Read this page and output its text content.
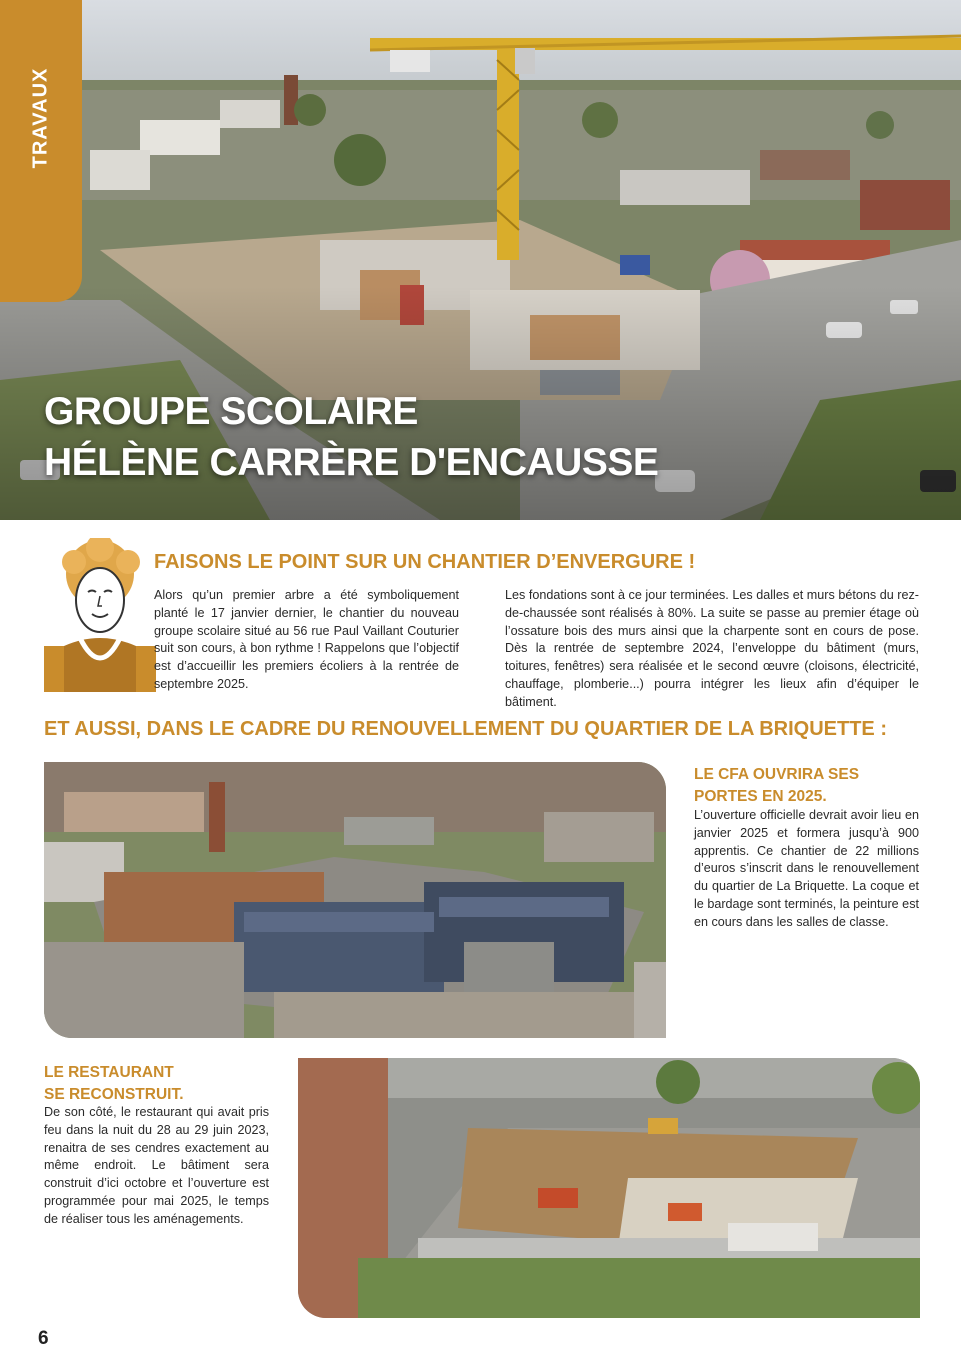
TRAVAUX
GROUPE SCOLAIRE
HÉLÈNE CARRÈRE D'ENCAUSSE
FAISONS LE POINT SUR UN CHANTIER D’ENVERGURE !
Alors qu’un premier arbre a été symboliquement planté le 17 janvier dernier, le chantier du nouveau groupe scolaire situé au 56 rue Paul Vaillant Couturier suit son cours, à bon rythme ! Rappelons que l’objectif est d’accueillir les premiers écoliers à la rentrée de septembre 2025.
Les fondations sont à ce jour terminées. Les dalles et murs bétons du rez-de-chaussée sont réalisés à 80%. La suite se passe au premier étage où l’ossature bois des murs ainsi que la charpente sont en cours de pose. Dès la rentrée de septembre 2024, l’enveloppe du bâtiment (murs, toitures, fenêtres) sera réalisée et le second œuvre (cloisons, électricité, chauffage, plomberie...) pourra intégrer les lieux afin d’équiper le bâtiment.
ET AUSSI, DANS LE CADRE DU RENOUVELLEMENT DU QUARTIER DE LA BRIQUETTE :
LE CFA OUVRIRA SES
PORTES EN 2025.
L’ouverture officielle devrait avoir lieu en janvier 2025 et formera jusqu’à 900 apprentis. Ce chantier de 22 millions d’euros s’inscrit dans le renouvellement du quartier de La Briquette. La coque et le bardage sont terminés, la peinture est en cours dans les salles de classe.
LE RESTAURANT
SE RECONSTRUIT.
De son côté, le restaurant qui avait pris feu dans la nuit du 28 au 29 juin 2023, renaitra de ses cendres exactement au même endroit. Le bâtiment sera construit d’ici octobre et l’ouverture est programmée pour mai 2025, le temps de réaliser tous les aménagements.
6
